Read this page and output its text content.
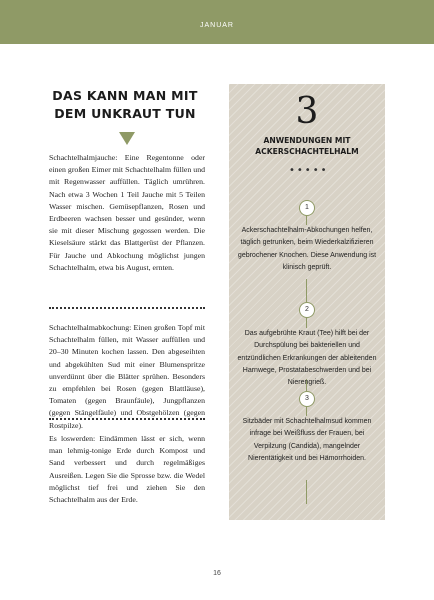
JANUAR
DAS KANN MAN MIT DEM UNKRAUT TUN

Schachtelhalmjauche: Eine Regentonne oder einen großen Eimer mit Schachtelhalm füllen und mit Regenwasser auffüllen. Täglich umrühren. Nach etwa 3 Wochen 1 Teil Jauche mit 5 Teilen Wasser mischen. Gemüsepflanzen, Rosen und Erdbeeren wachsen besser und gesünder, wenn sie mit dieser Mischung gegossen werden. Die Kieselsäure stärkt das Blattgerüst der Pflanzen. Für Jauche und Abkochung möglichst jungen Schachtelhalm, etwa bis August, ernten.

Schachtelhalmabkochung: Einen großen Topf mit Schachtelhalm füllen, mit Wasser auffüllen und 20–30 Minuten kochen lassen. Den abgeseihten und abgekühlten Sud mit einer Blumenspritze unverdünnt über die Blätter sprühen. Besonders zu empfehlen bei Rosen (gegen Blattläuse), Tomaten (gegen Braunfäule), Jungpflanzen (gegen Stängelfäule) und Obstgehölzen (gegen Rostpilze).

Es loswerden: Eindämmen lässt er sich, wenn man lehmig-tonige Erde durch Kompost und Sand verbessert und durch regelmäßiges Ausreißen. Legen Sie die Sprosse bzw. die Wedel möglichst tief frei und ziehen Sie den Schachtelhalm aus der Erde.

3
ANWENDUNGEN MIT ACKERSCHACHTELHALM
•••••
1

Ackerschachtelhalm-Abkochungen helfen, täglich getrunken, beim Wiederkalzifizieren gebrochener Knochen. Diese Anwendung ist klinisch geprüft.

2

Das aufgebrühte Kraut (Tee) hilft bei der Durchspülung bei bakteriellen und entzündlichen Erkrankungen der ableitenden Harnwege, Prostatabeschwerden und bei Nierengrieß.

3

Sitzbäder mit Schachtelhalmsud kommen infrage bei Weißfluss der Frauen, bei Verpilzung (Candida), mangelnder Nierentätigkeit und bei Hämorrhoiden.

16
